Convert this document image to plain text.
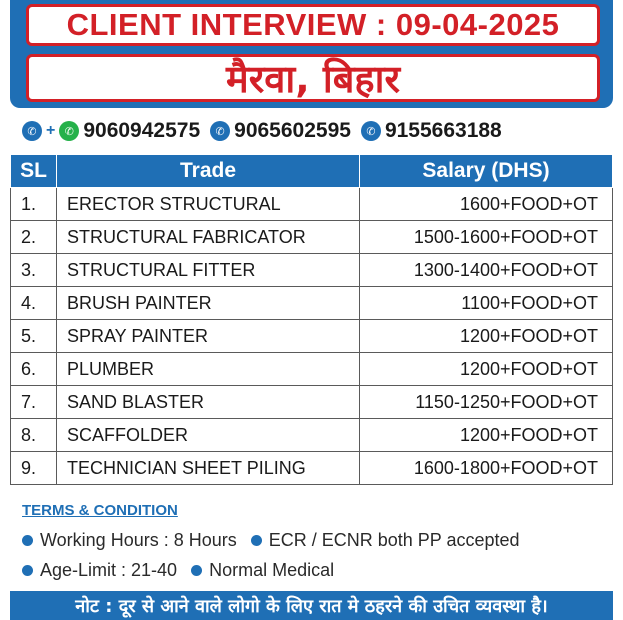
CLIENT INTERVIEW : 09-04-2025
मैरवा, बिहार
✆ + ✆ 9060942575	✆ 9065602595	✆ 9155663188
SL	Trade	Salary (DHS)
1.	ERECTOR STRUCTURAL	1600+FOOD+OT
2.	STRUCTURAL FABRICATOR	1500-1600+FOOD+OT
3.	STRUCTURAL FITTER	1300-1400+FOOD+OT
4.	BRUSH PAINTER	1100+FOOD+OT
5.	SPRAY PAINTER	1200+FOOD+OT
6.	PLUMBER	1200+FOOD+OT
7.	SAND BLASTER	1150-1250+FOOD+OT
8.	SCAFFOLDER	1200+FOOD+OT
9.	TECHNICIAN SHEET PILING	1600-1800+FOOD+OT
TERMS & CONDITION
Working Hours : 8 Hours ECR / ECNR both PP accepted
Age-Limit : 21-40 Normal Medical
नोट : दूर से आने वाले लोगो के लिए रात मे ठहरने की उचित व्यवस्था है।
